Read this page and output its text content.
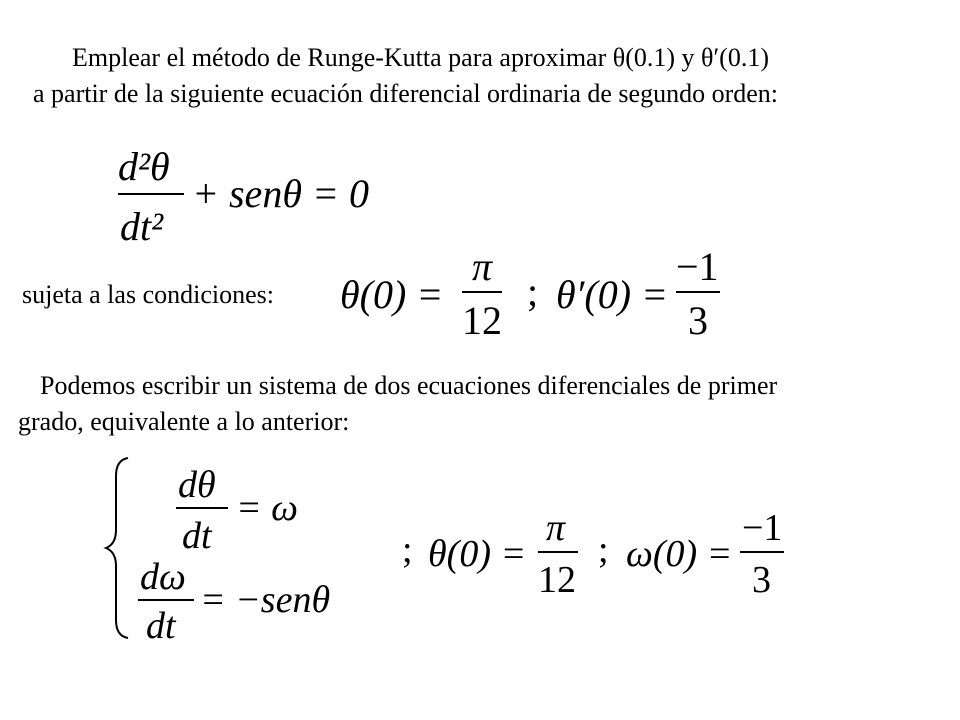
Emplear el método de Runge-Kutta para aproximar θ(0.1) y θ′(0.1)
a partir de la siguiente ecuación diferencial ordinaria de segundo orden:

d²θ
dt²
+ senθ = 0
θ(0) =
π
12
; θ′(0) =
−1
3
dθ
dt
= ω
dω
dt
= −senθ
; θ(0) =
π
12
; ω(0) =
−1
3

sujeta a las condiciones:

Podemos escribir un sistema de dos ecuaciones diferenciales de primer
grado, equivalente a lo anterior:
